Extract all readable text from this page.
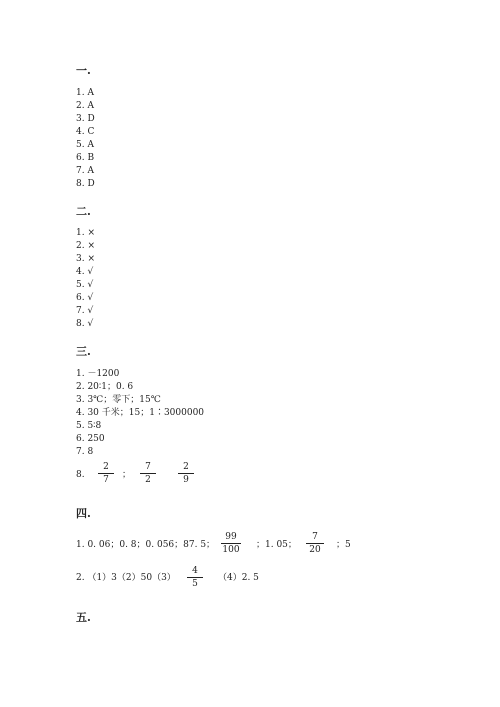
一.
1. A
2. A
3. D
4. C
5. A
6. B
7. A
8. D
二.
1. ×
2. ×
3. ×
4. √
5. √
6. √
7. √
8. √
三.
1. －1200
2. 20∶1；0. 6
3. 3℃；零下；15℃
4. 30 千米；15；1∶3000000
5. 5∶8
6. 250
7. 8
8.
2
7	；
7
2
2
9
四.
1. 0. 06；0. 8；0. 056；87. 5；
99
100	；1. 05；
7
20	；5
2. （1）3（2）50（3）
4
5
（4）2. 5
五.
